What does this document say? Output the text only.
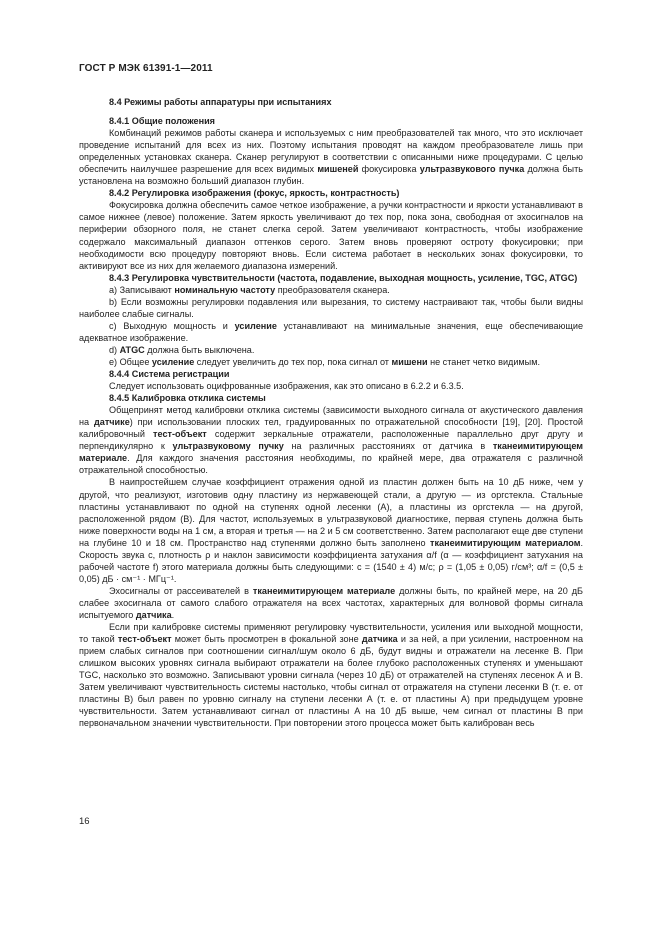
ГОСТ Р МЭК 61391-1—2011

8.4 Режимы работы аппаратуры при испытаниях

8.4.1 Общие положения

Комбинаций режимов работы сканера и используемых с ним преобразователей так много, что это исключает проведение испытаний для всех из них. Поэтому испытания проводят на каждом преобразователе лишь при определенных установках сканера. Сканер регулируют в соответствии с описанными ниже процедурами. С целью обеспечить наилучшее разрешение для всех видимых мишеней фокусировка ультразвукового пучка должна быть установлена на возможно больший диапазон глубин.

8.4.2 Регулировка изображения (фокус, яркость, контрастность)

Фокусировка должна обеспечить самое четкое изображение, а ручки контрастности и яркости устанавливают в самое нижнее (левое) положение. Затем яркость увеличивают до тех пор, пока зона, свободная от эхосигналов на периферии обзорного поля, не станет слегка серой. Затем увеличивают контрастность, чтобы изображение содержало максимальный диапазон оттенков серого. Затем вновь проверяют остроту фокусировки; при необходимости всю процедуру повторяют вновь. Если система работает в нескольких зонах фокусировки, то активируют все из них для желаемого диапазона измерений.

8.4.3 Регулировка чувствительности (частота, подавление, выходная мощность, усиление, TGC, ATGC)

a) Записывают номинальную частоту преобразователя сканера.

b) Если возможны регулировки подавления или вырезания, то систему настраивают так, чтобы были видны наиболее слабые сигналы.

c) Выходную мощность и усиление устанавливают на минимальные значения, еще обеспечивающие адекватное изображение.

d) ATGC должна быть выключена.

e) Общее усиление следует увеличить до тех пор, пока сигнал от мишени не станет четко видимым.

8.4.4 Система регистрации

Следует использовать оцифрованные изображения, как это описано в 6.2.2 и 6.3.5.

8.4.5 Калибровка отклика системы

Общепринят метод калибровки отклика системы (зависимости выходного сигнала от акустического давления на датчике) при использовании плоских тел, градуированных по отражательной способности [19], [20]. Простой калибровочный тест-объект содержит зеркальные отражатели, расположенные параллельно друг другу и перпендикулярно к ультразвуковому пучку на различных расстояниях от датчика в тканеимитирующем материале. Для каждого значения расстояния необходимы, по крайней мере, два отражателя с различной отражательной способностью.

В наипростейшем случае коэффициент отражения одной из пластин должен быть на 10 дБ ниже, чем у другой, что реализуют, изготовив одну пластину из нержавеющей стали, а другую — из оргстекла. Стальные пластины устанавливают по одной на ступенях одной лесенки (А), а пластины из оргстекла — на другой, расположенной рядом (В). Для частот, используемых в ультразвуковой диагностике, первая ступень должна быть ниже поверхности воды на 1 см, а вторая и третья — на 2 и 5 см соответственно. Затем располагают еще две ступени на глубине 10 и 18 см. Пространство над ступенями должно быть заполнено тканеимитирующим материалом. Скорость звука c, плотность ρ и наклон зависимости коэффициента затухания α/f (α — коэффициент затухания на рабочей частоте f) этого материала должны быть следующими: c = (1540 ± 4) м/с; ρ = (1,05 ± 0,05) г/см³; α/f = (0,5 ± 0,05) дБ · см⁻¹ · МГц⁻¹.

Эхосигналы от рассеивателей в тканеимитирующем материале должны быть, по крайней мере, на 20 дБ слабее эхосигнала от самого слабого отражателя на всех частотах, характерных для волновой формы сигнала испытуемого датчика.

Если при калибровке системы применяют регулировку чувствительности, усиления или выходной мощности, то такой тест-объект может быть просмотрен в фокальной зоне датчика и за ней, а при усилении, настроенном на прием слабых сигналов при соотношении сигнал/шум около 6 дБ, будут видны и отражатели на лесенке В. При слишком высоких уровнях сигнала выбирают отражатели на более глубоко расположенных ступенях и уменьшают TGC, насколько это возможно. Записывают уровни сигнала (через 10 дБ) от отражателей на ступенях лесенок А и В. Затем увеличивают чувствительность системы настолько, чтобы сигнал от отражателя на ступени лесенки В (т. е. от пластины В) был равен по уровню сигналу на ступени лесенки А (т. е. от пластины А) при предыдущем уровне чувствительности. Затем устанавливают сигнал от пластины А на 10 дБ выше, чем сигнал от пластины В при первоначальном значении чувствительности. При повторении этого процесса может быть калиброван весь

16
